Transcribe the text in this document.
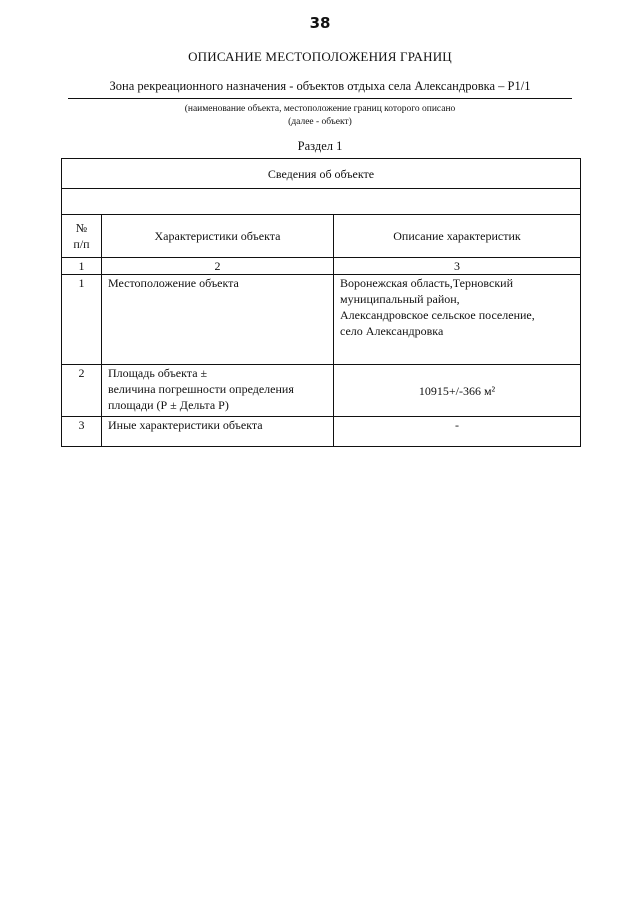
38
ОПИСАНИЕ МЕСТОПОЛОЖЕНИЯ ГРАНИЦ
Зона рекреационного назначения - объектов отдыха села Александровка – Р1/1
(наименование объекта, местоположение границ которого описано
(далее - объект)
Раздел 1
Сведения об объекте		

№
п/п	Характеристики объекта	Описание характеристик
1	2	3
1	Местоположение объекта	Воронежская область,Терновский
муниципальный район,
Александровское сельское поселение,
село Александровка

2	Площадь объекта ±
величина погрешности определения
площади (Р ± Дельта Р)	10915+/-366 м²

3	Иные характеристики объекта	-
